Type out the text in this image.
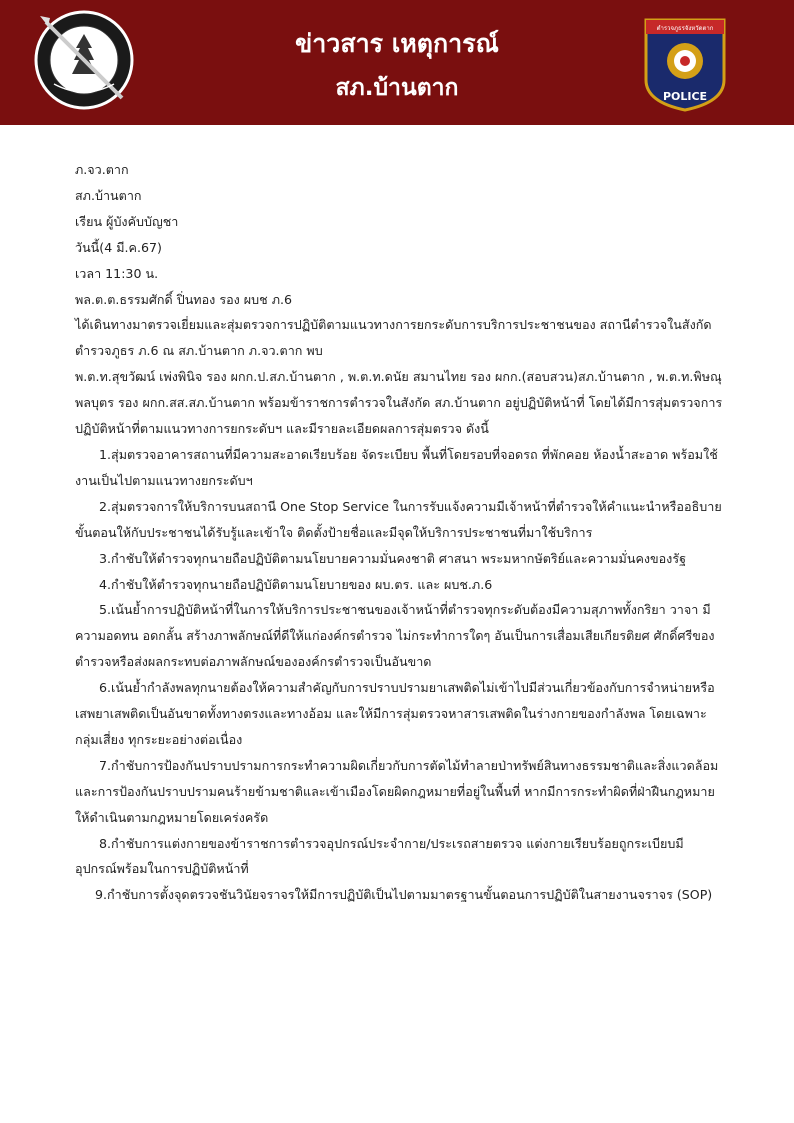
ข่าวสาร เหตุการณ์
สภ.บ้านตาก
ตำรวจภูธรจังหวัดตาก
POLICE

ภ.จว.ตาก

สภ.บ้านตาก

เรียน ผู้บังคับบัญชา

วันนี้(4 มี.ค.67)

เวลา 11:30 น.

พล.ต.ต.ธรรมศักดิ์ ปิ่นทอง รอง ผบช ภ.6

ได้เดินทางมาตรวจเยี่ยมและสุ่มตรวจการปฏิบัติตามแนวทางการยกระดับการบริการประชาชนของ สถานีตำรวจในสังกัด ตำรวจภูธร ภ.6 ณ สภ.บ้านตาก ภ.จว.ตาก พบ

พ.ต.ท.สุขวัฒน์ เพ่งพินิจ รอง ผกก.ป.สภ.บ้านตาก , พ.ต.ท.ดนัย สมานไทย รอง ผกก.(สอบสวน)สภ.บ้านตาก , พ.ต.ท.พิษณุ พลบุตร รอง ผกก.สส.สภ.บ้านตาก พร้อมข้าราชการตำรวจในสังกัด สภ.บ้านตาก อยู่ปฏิบัติหน้าที่ โดยได้มีการสุ่มตรวจการปฏิบัติหน้าที่ตามแนวทางการยกระดับฯ และมีรายละเอียดผลการสุ่มตรวจ ดังนี้

1.สุ่มตรวจอาคารสถานที่มีความสะอาดเรียบร้อย จัดระเบียบ พื้นที่โดยรอบที่จอดรถ ที่พักคอย ห้องน้ำสะอาด พร้อมใช้งานเป็นไปตามแนวทางยกระดับฯ

2.สุ่มตรวจการให้บริการบนสถานี One Stop Service ในการรับแจ้งความมีเจ้าหน้าที่ตำรวจให้คำแนะนำหรืออธิบายขั้นตอนให้กับประชาชนได้รับรู้และเข้าใจ ติดตั้งป้ายชื่อและมีจุดให้บริการประชาชนที่มาใช้บริการ

3.กำชับให้ตำรวจทุกนายถือปฏิบัติตามนโยบายความมั่นคงชาติ ศาสนา พระมหากษัตริย์และความมั่นคงของรัฐ

4.กำชับให้ตำรวจทุกนายถือปฏิบัติตามนโยบายของ ผบ.ตร. และ ผบช.ภ.6

5.เน้นย้ำการปฏิบัติหน้าที่ในการให้บริการประชาชนของเจ้าหน้าที่ตำรวจทุกระดับต้องมีความสุภาพทั้งกริยา วาจา มีความอดทน อดกลั้น สร้างภาพลักษณ์ที่ดีให้แก่องค์กรตำรวจ ไม่กระทำการใดๆ อันเป็นการเสื่อมเสียเกียรติยศ ศักดิ์ศรีของตำรวจหรือส่งผลกระทบต่อภาพลักษณ์ขององค์กรตำรวจเป็นอันขาด

6.เน้นย้ำกำลังพลทุกนายต้องให้ความสำคัญกับการปราบปรามยาเสพติดไม่เข้าไปมีส่วนเกี่ยวข้องกับการจำหน่ายหรือเสพยาเสพติดเป็นอันขาดทั้งทางตรงและทางอ้อม และให้มีการสุ่มตรวจหาสารเสพติดในร่างกายของกำลังพล โดยเฉพาะกลุ่มเสี่ยง ทุกระยะอย่างต่อเนื่อง

7.กำชับการป้องกันปราบปรามการกระทำความผิดเกี่ยวกับการตัดไม้ทำลายป่าทรัพย์สินทางธรรมชาติและสิ่งแวดล้อมและการป้องกันปราบปรามคนร้ายข้ามชาติและเข้าเมืองโดยผิดกฎหมายที่อยู่ในพื้นที่ หากมีการกระทำผิดที่ฝ่าฝืนกฎหมายให้ดำเนินตามกฎหมายโดยเคร่งครัด

8.กำชับการแต่งกายของข้าราชการตำรวจอุปกรณ์ประจำกาย/ประเรถสายตรวจ แต่งกายเรียบร้อยถูกระเบียบมีอุปกรณ์พร้อมในการปฏิบัติหน้าที่

9.กำชับการตั้งจุดตรวจชันวินัยจราจรให้มีการปฏิบัติเป็นไปตามมาตรฐานขั้นตอนการปฏิบัติในสายงานจราจร (SOP)
